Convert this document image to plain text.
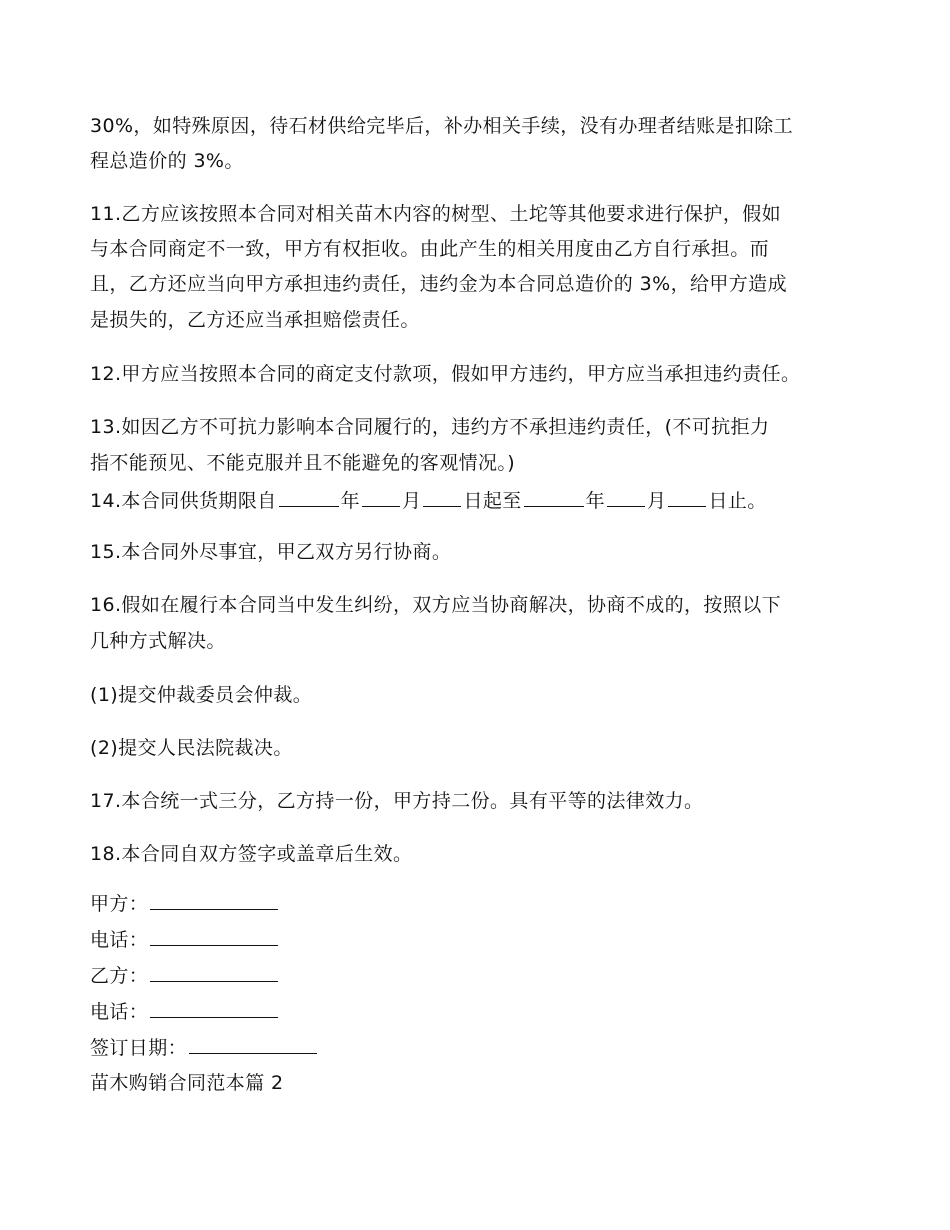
30%，如特殊原因，待石材供给完毕后，补办相关手续，没有办理者结账是扣除工
程总造价的 3%。
11.乙方应该按照本合同对相关苗木内容的树型、土坨等其他要求进行保护，假如
与本合同商定不一致，甲方有权拒收。由此产生的相关用度由乙方自行承担。而
且，乙方还应当向甲方承担违约责任，违约金为本合同总造价的 3%，给甲方造成
是损失的，乙方还应当承担赔偿责任。
12.甲方应当按照本合同的商定支付款项，假如甲方违约，甲方应当承担违约责任。
13.如因乙方不可抗力影响本合同履行的，违约方不承担违约责任，(不可抗拒力
指不能预见、不能克服并且不能避免的客观情况。)
14.本合同供货期限自	年 月 日起至	年 月 日止。
15.本合同外尽事宜，甲乙双方另行协商。
16.假如在履行本合同当中发生纠纷，双方应当协商解决，协商不成的，按照以下
几种方式解决。
(1)提交仲裁委员会仲裁。
(2)提交人民法院裁决。
17.本合统一式三分，乙方持一份，甲方持二份。具有平等的法律效力。
18.本合同自双方签字或盖章后生效。
甲方：
电话：
乙方：
电话：
签订日期：
苗木购销合同范本篇 2
